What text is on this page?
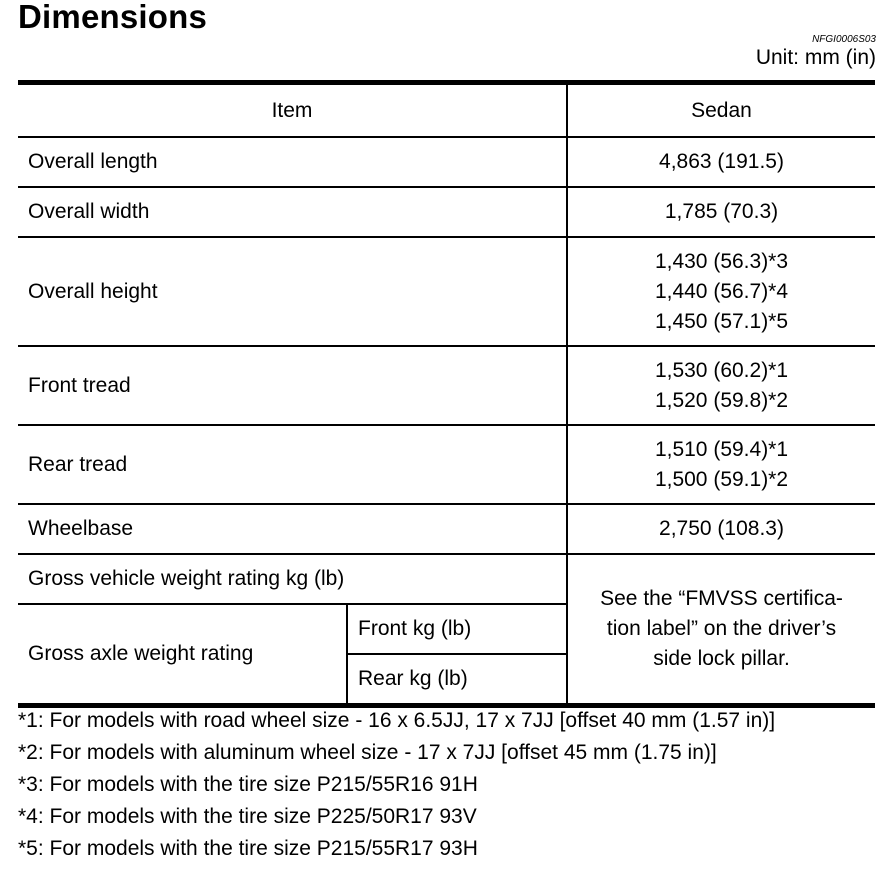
Dimensions
NFGI0006S03
Unit: mm (in)
Item		Sedan
Overall length		4,863 (191.5)
Overall width		1,785 (70.3)
Overall height		1,430 (56.3)*3
1,440 (56.7)*4
1,450 (57.1)*5

Front tread		1,530 (60.2)*1
1,520 (59.8)*2

Rear tread		1,510 (59.4)*1
1,500 (59.1)*2

Wheelbase		2,750 (108.3)
Gross vehicle weight rating kg (lb)		See the “FMVSS certifica-
tion label” on the driver’s
side lock pillar.

Gross axle weight rating	Front kg (lb)	
	Rear kg (lb)	
*1: For models with road wheel size - 16 x 6.5JJ, 17 x 7JJ [offset 40 mm (1.57 in)]
*2: For models with aluminum wheel size - 17 x 7JJ [offset 45 mm (1.75 in)]
*3: For models with the tire size P215/55R16 91H
*4: For models with the tire size P225/50R17 93V
*5: For models with the tire size P215/55R17 93H
